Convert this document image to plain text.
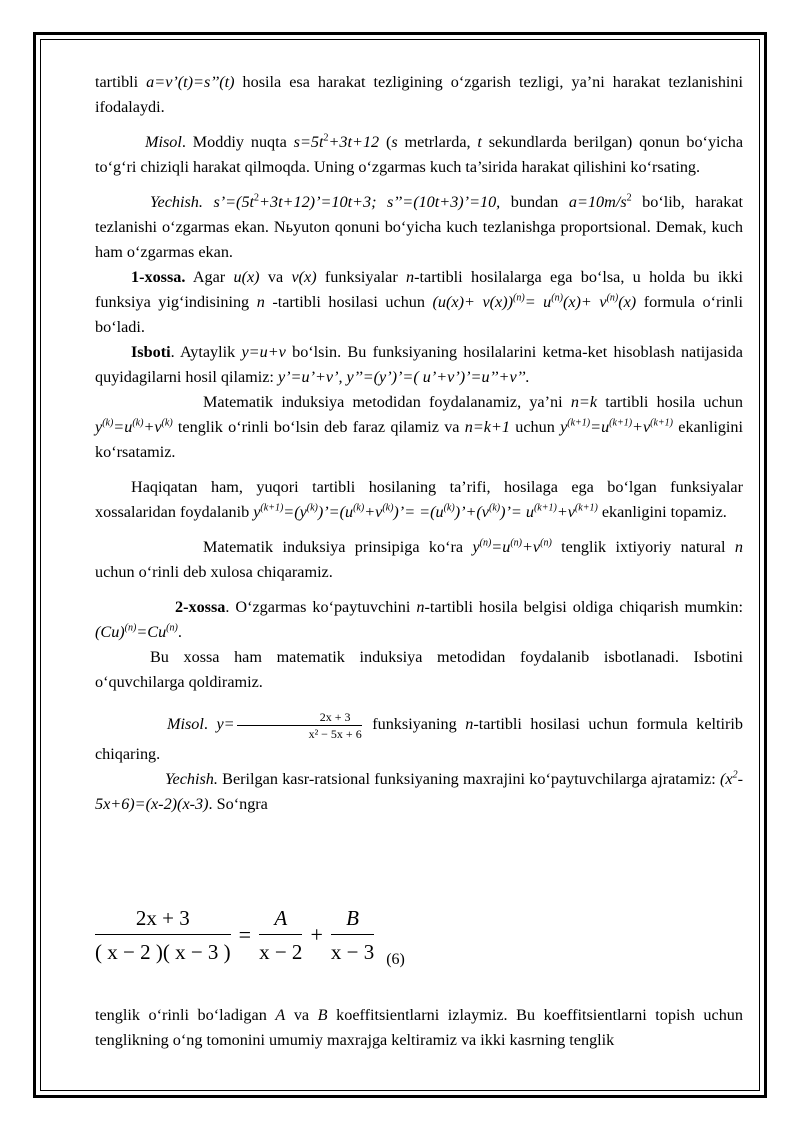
tartibli a=v’(t)=s’’(t) hosila esa harakat tezligining o‘zgarish tezligi, ya’ni harakat tezlanishini ifodalaydi.

Misol. Moddiy nuqta $s=5t^2+3t+12$ (s metrlarda, t sekundlarda berilgan) qonun bo‘yicha to‘g‘ri chiziqli harakat qilmoqda. Uning o‘zgarmas kuch ta’sirida harakat qilishini ko‘rsating.

Yechish. $s’=(5t^2+3t+12)’=10t+3$; s’’=(10t+3)’=10, bundan $a=10m/s^2$ bo‘lib, harakat tezlanishi o‘zgarmas ekan. Nьyuton qonuni bo‘yicha kuch tezlanishga proportsional. Demak, kuch ham o‘zgarmas ekan.

1-xossa. Agar u(x) va v(x) funksiyalar n-tartibli hosilalarga ega bo‘lsa, u holda bu ikki funksiya yig‘indisining n -tartibli hosilasi uchun $(u(x)+ v(x))^{(n)}= u^{(n)}(x)+ v^{(n)}(x)$ formula o‘rinli bo‘ladi.

Isboti. Aytaylik y=u+v bo‘lsin. Bu funksiyaning hosilalarini ketma-ket hisoblash natijasida quyidagilarni hosil qilamiz: y’=u’+v’, y’’=(y’)’=( u’+v’)’=u’’+v’’.

Matematik induksiya metodidan foydalanamiz, ya’ni n=k tartibli hosila uchun $y^{(k)}=u^{(k)}+v^{(k)}$ tenglik o‘rinli bo‘lsin deb faraz qilamiz va n=k+1 uchun $y^{(k+1)}=u^{(k+1)}+v^{(k+1)}$ ekanligini ko‘rsatamiz.

Haqiqatan ham, yuqori tartibli hosilaning ta’rifi, hosilaga ega bo‘lgan funksiyalar xossalaridan foydalanib $y^{(k+1)}=(y^{(k)})’=(u^{(k)}+v^{(k)})’=$ $=(u^{(k)})’+(v^{(k)})’= u^{(k+1)}+v^{(k+1)}$ ekanligini topamiz.

Matematik induksiya prinsipiga ko‘ra $y^{(n)}=u^{(n)}+v^{(n)}$ tenglik ixtiyoriy natural n uchun o‘rinli deb xulosa chiqaramiz.

2-xossa. O‘zgarmas ko‘paytuvchini n-tartibli hosila belgisi oldiga chiqarish mumkin: $(Cu)^{(n)}=Cu^{(n)}$.

Bu xossa ham matematik induksiya metodidan foydalanib isbotlanadi. Isbotini o‘quvchilarga qoldiramiz.

Misol. $y= \frac{2x + 3}{\text{x² − 5x + 6}}$ funksiyaning n-tartibli hosilasi uchun formula keltirib chiqaring.

Yechish. Berilgan kasr-ratsional funksiyaning maxrajini ko‘paytuvchilarga ajratamiz: $(x^2-5x+6)=(x-2)(x-3)$. So‘ngra

$\frac{2x + 3}{( x - 2 )( x - 3 )} = \frac{A}{x - 2} + \frac{B}{x - 3} (6)$

tenglik o‘rinli bo‘ladigan A va B koeffitsientlarni izlaymiz. Bu koeffitsientlarni topish uchun tenglikning o‘ng tomonini umumiy maxrajga keltiramiz va ikki kasrning tenglik
